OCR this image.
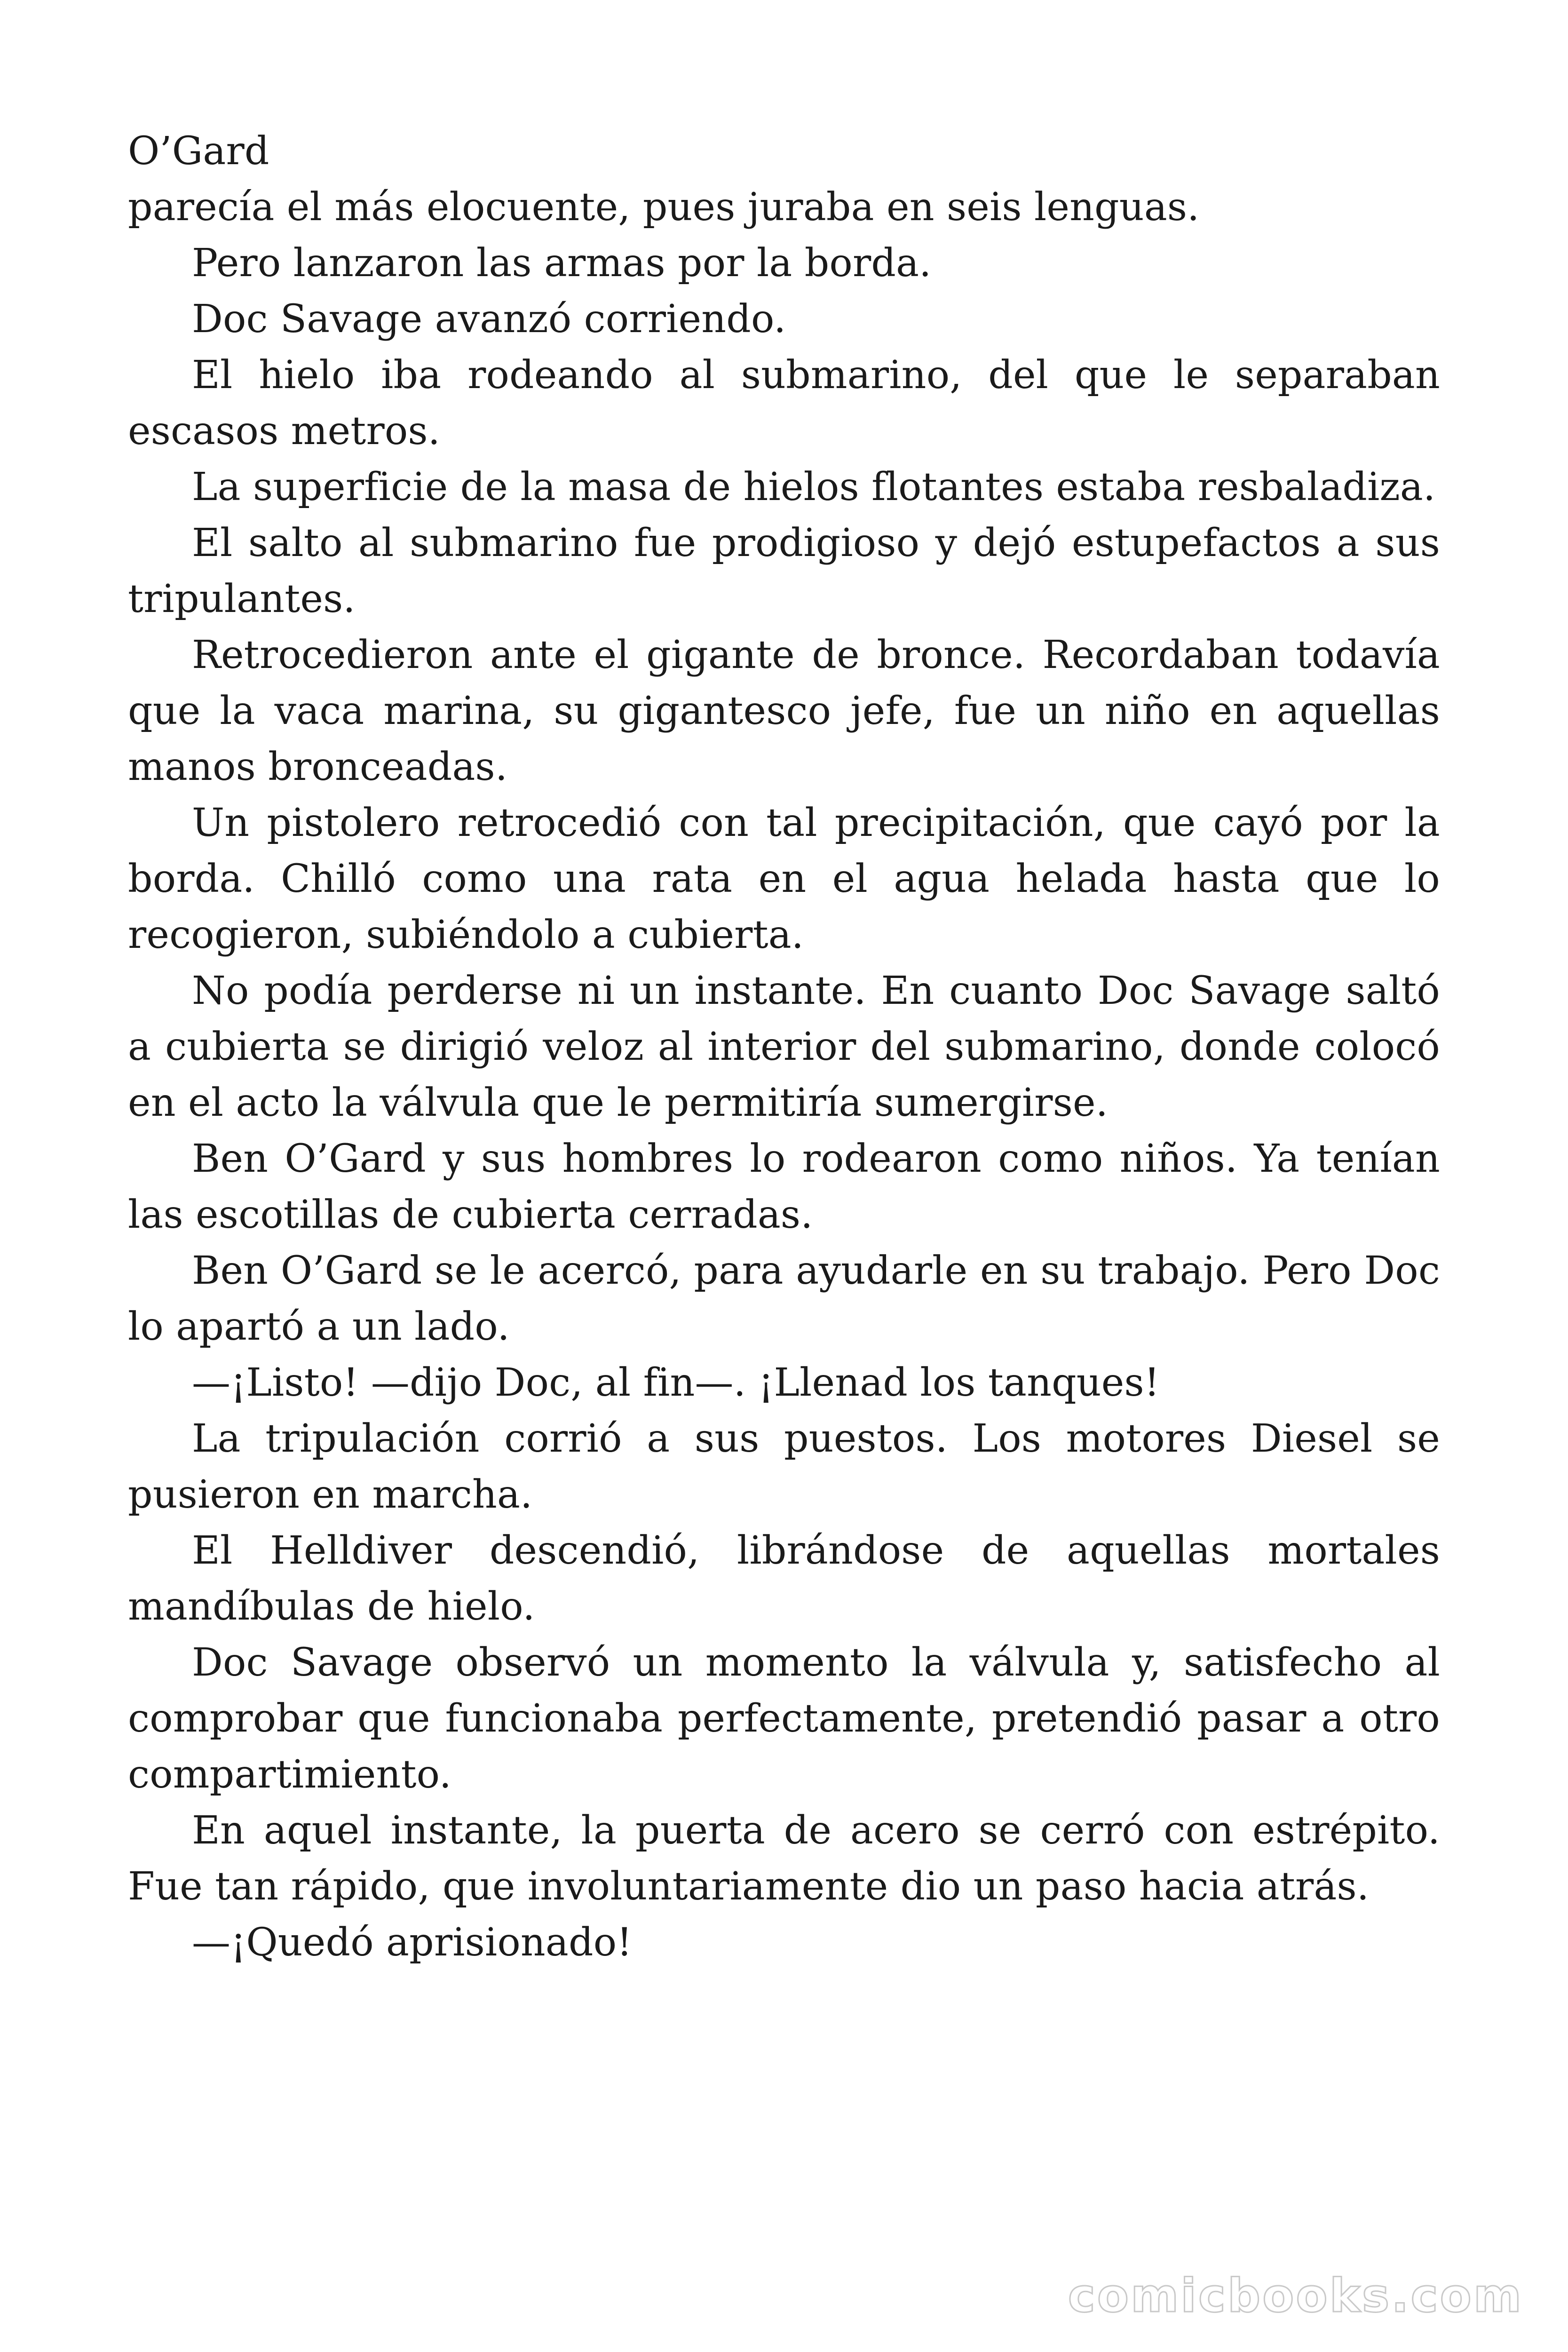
O’Gard

parecía el más elocuente, pues juraba en seis lenguas.

Pero lanzaron las armas por la borda.

Doc Savage avanzó corriendo.

El hielo iba rodeando al submarino, del que le separaban escasos metros.

La superficie de la masa de hielos flotantes estaba resbaladiza.

El salto al submarino fue prodigioso y dejó estupefactos a sus tripulantes.

Retrocedieron ante el gigante de bronce. Recordaban todavía que la vaca marina, su gigantesco jefe, fue un niño en aquellas manos bronceadas.

Un pistolero retrocedió con tal precipitación, que cayó por la borda. Chilló como una rata en el agua helada hasta que lo recogieron, subiéndolo a cubierta.

No podía perderse ni un instante. En cuanto Doc Savage saltó a cubierta se dirigió veloz al interior del submarino, donde colocó en el acto la válvula que le permitiría sumergirse.

Ben O’Gard y sus hombres lo rodearon como niños. Ya tenían las escotillas de cubierta cerradas.

Ben O’Gard se le acercó, para ayudarle en su trabajo. Pero Doc lo apartó a un lado.

—¡Listo! —dijo Doc, al fin—. ¡Llenad los tanques!

La tripulación corrió a sus puestos. Los motores Diesel se pusieron en marcha.

El Helldiver descendió, librándose de aquellas mortales mandíbulas de hielo.

Doc Savage observó un momento la válvula y, satisfecho al comprobar que funcionaba perfectamente, pretendió pasar a otro compartimiento.

En aquel instante, la puerta de acero se cerró con estrépito. Fue tan rápido, que involuntariamente dio un paso hacia atrás.

—¡Quedó aprisionado!

comicbooks.com
